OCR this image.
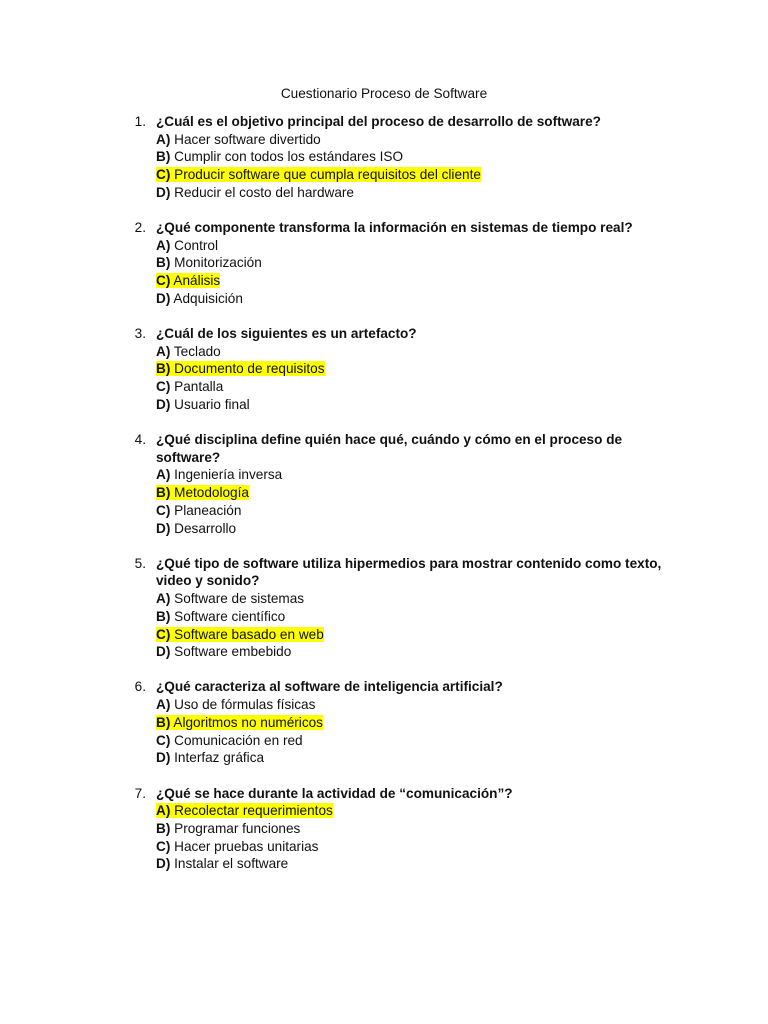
Cuestionario Proceso de Software
1. ¿Cuál es el objetivo principal del proceso de desarrollo de software?
A) Hacer software divertido
B) Cumplir con todos los estándares ISO
C) Producir software que cumpla requisitos del cliente
D) Reducir el costo del hardware
2. ¿Qué componente transforma la información en sistemas de tiempo real?
A) Control
B) Monitorización
C) Análisis
D) Adquisición
3. ¿Cuál de los siguientes es un artefacto?
A) Teclado
B) Documento de requisitos
C) Pantalla
D) Usuario final
4. ¿Qué disciplina define quién hace qué, cuándo y cómo en el proceso de software?
A) Ingeniería inversa
B) Metodología
C) Planeación
D) Desarrollo
5. ¿Qué tipo de software utiliza hipermedios para mostrar contenido como texto, video y sonido?
A) Software de sistemas
B) Software científico
C) Software basado en web
D) Software embebido
6. ¿Qué caracteriza al software de inteligencia artificial?
A) Uso de fórmulas físicas
B) Algoritmos no numéricos
C) Comunicación en red
D) Interfaz gráfica
7. ¿Qué se hace durante la actividad de “comunicación”?
A) Recolectar requerimientos
B) Programar funciones
C) Hacer pruebas unitarias
D) Instalar el software
